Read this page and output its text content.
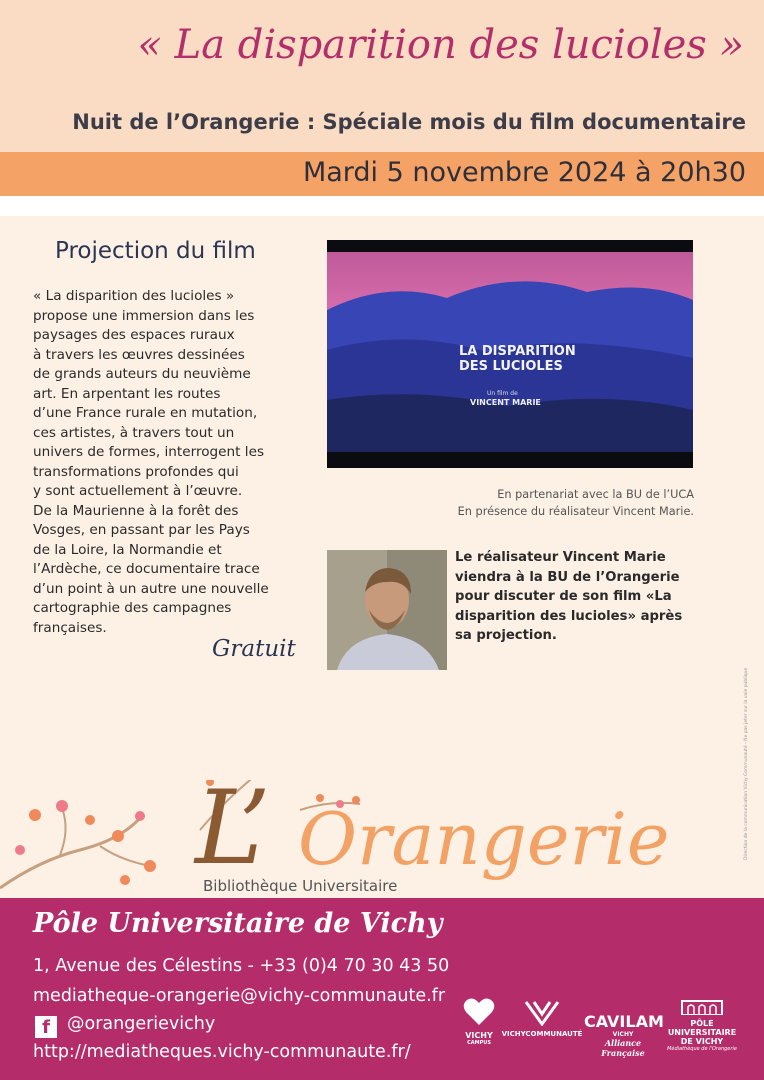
« La disparition des lucioles »
Nuit de l’Orangerie : Spéciale mois du film documentaire
Mardi 5 novembre 2024 à 20h30
Projection du film
« La disparition des lucioles »
propose une immersion dans les
paysages des espaces ruraux
à travers les œuvres dessinées
de grands auteurs du neuvième
art. En arpentant les routes
d’une France rurale en mutation,
ces artistes, à travers tout un
univers de formes, interrogent les
transformations profondes qui
y sont actuellement à l’œuvre.
De la Maurienne à la forêt des
Vosges, en passant par les Pays
de la Loire, la Normandie et
l’Ardèche, ce documentaire trace
d’un point à un autre une nouvelle
cartographie des campagnes
françaises.
Gratuit
LA DISPARITION
DES LUCIOLES
Un film de
VINCENT MARIE
En partenariat avec la BU de l’UCA
En présence du réalisateur Vincent Marie.
Le réalisateur Vincent Marie
viendra à la BU de l’Orangerie
pour discuter de son film «La
disparition des lucioles» après
sa projection.
Direction de la communication Vichy Communauté - Ne pas jeter sur la voie publique
L’ Orangerie
Bibliothèque Universitaire
Pôle Universitaire de Vichy
1, Avenue des Célestins - +33 (0)4 70 30 43 50
mediatheque-orangerie@vichy-communaute.fr
f @orangerievichy
http://mediatheques.vichy-communaute.fr/
VICHY
CAMPUS
VICHYCOMMUNAUTÉ
CAVILAM
VICHY
Alliance Française
PÔLE
UNIVERSITAIRE
DE VICHY
Médiathèque de l'Orangerie
